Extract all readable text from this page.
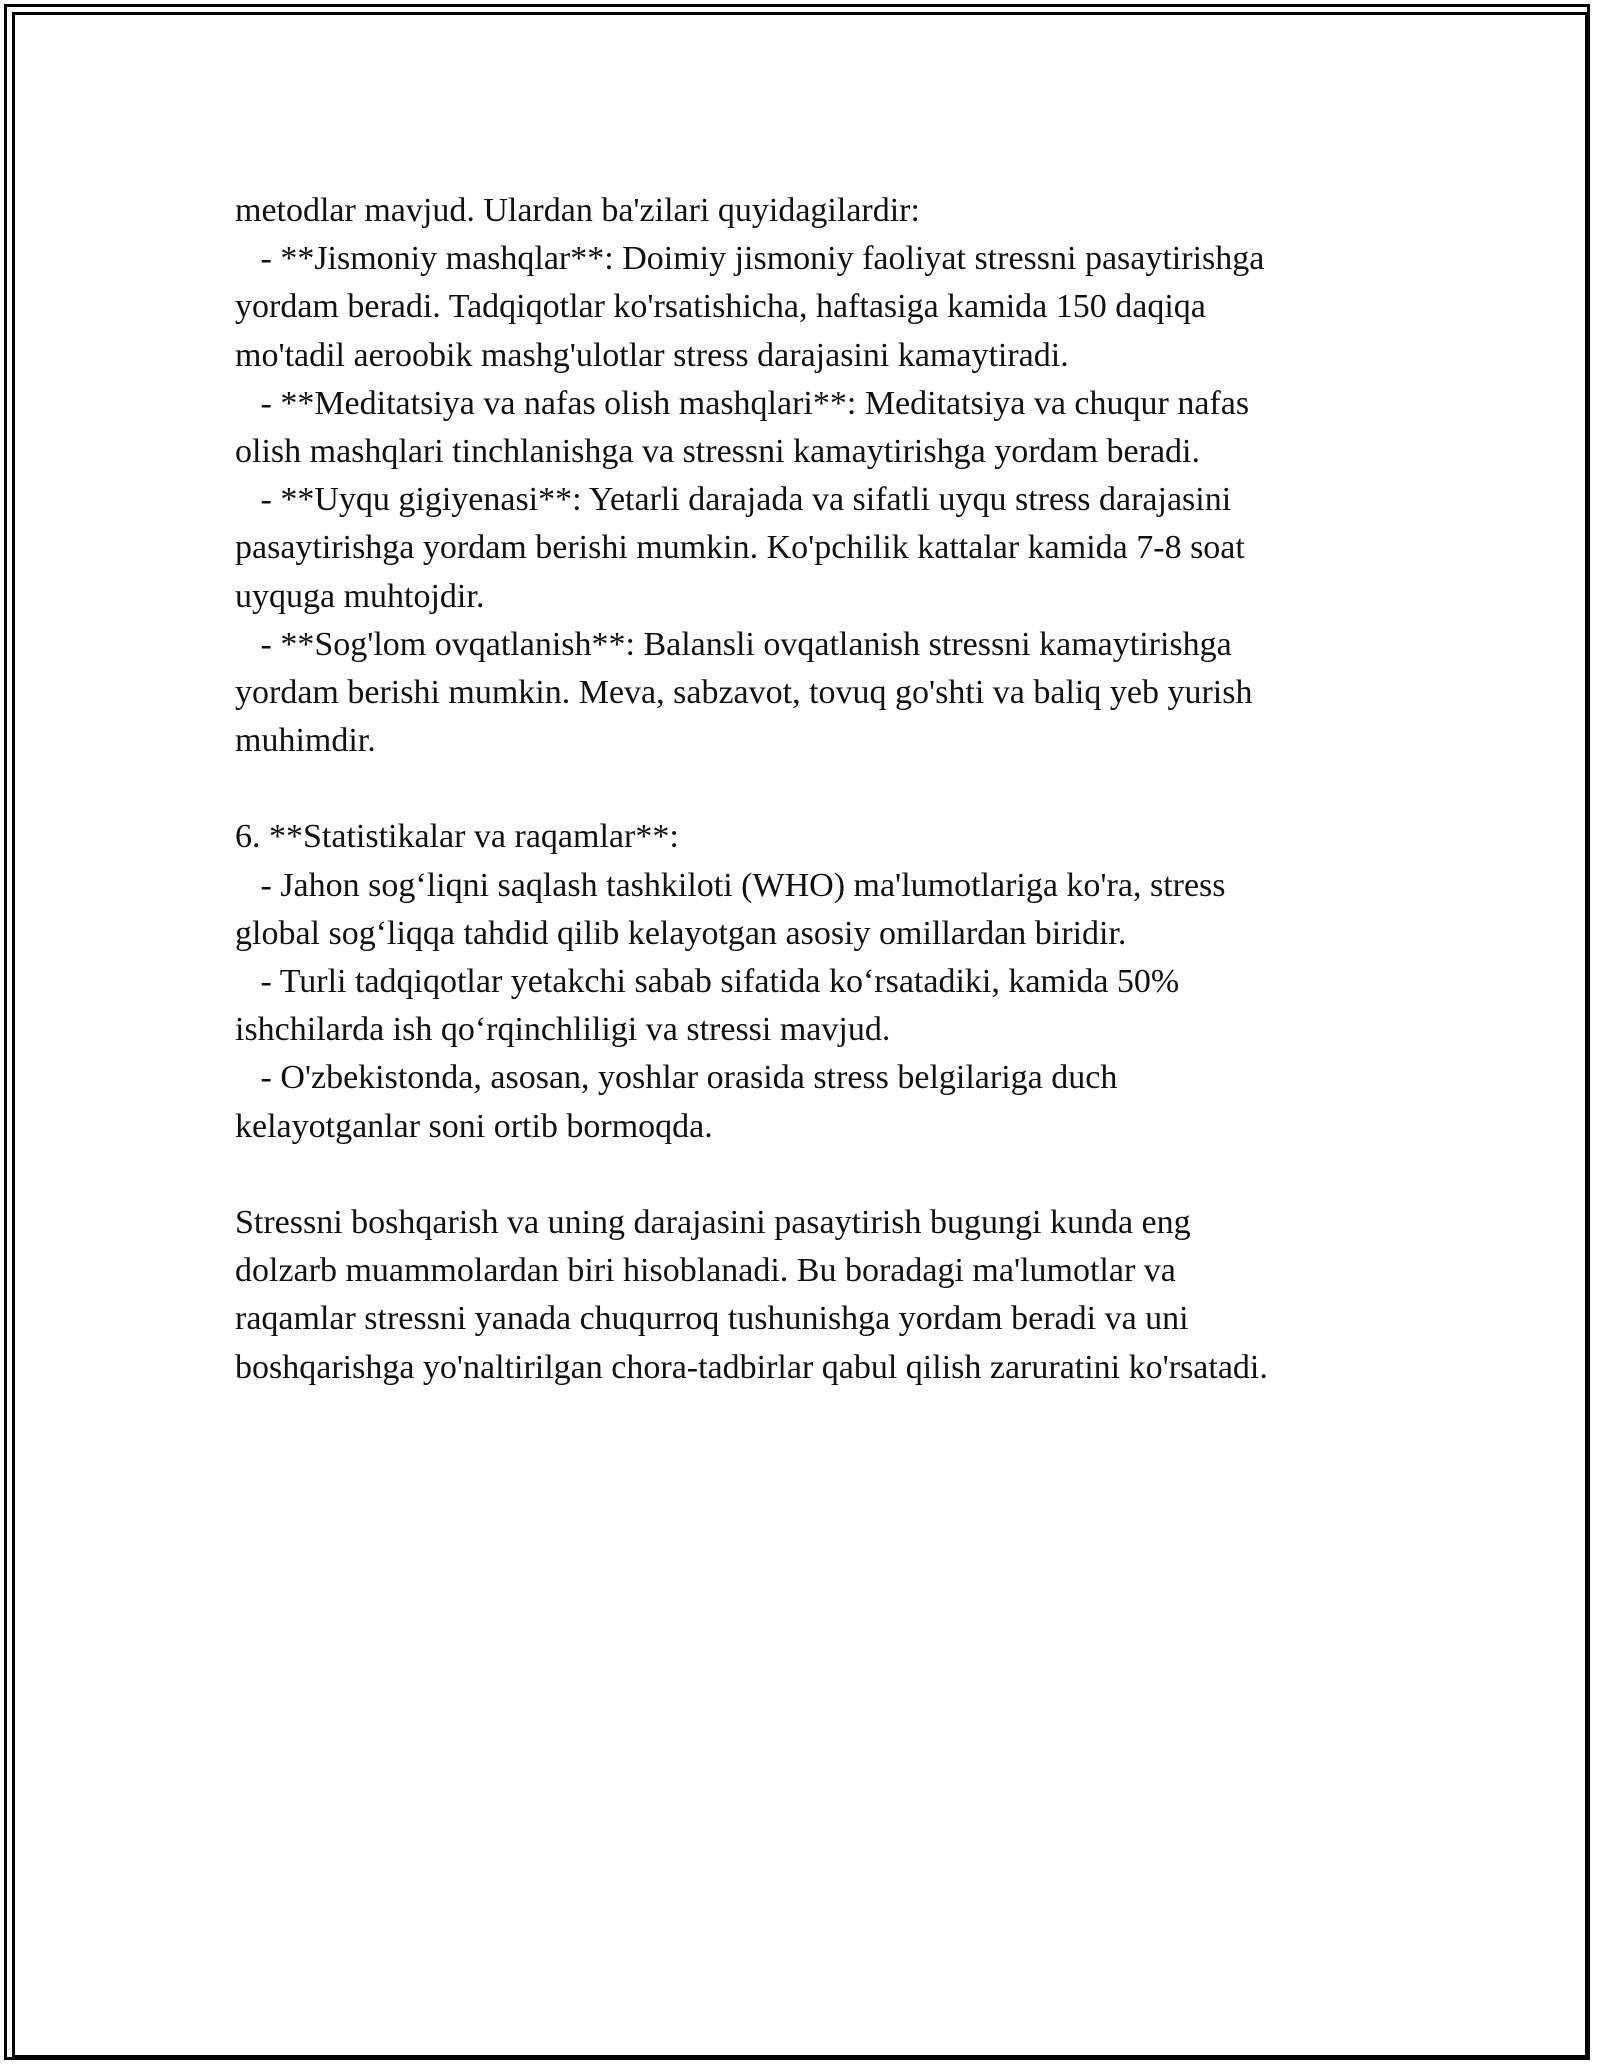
metodlar mavjud. Ulardan ba'zilari quyidagilardir:
- **Jismoniy mashqlar**: Doimiy jismoniy faoliyat stressni pasaytirishga
yordam beradi. Tadqiqotlar ko'rsatishicha, haftasiga kamida 150 daqiqa
mo'tadil aeroobik mashg'ulotlar stress darajasini kamaytiradi.
- **Meditatsiya va nafas olish mashqlari**: Meditatsiya va chuqur nafas
olish mashqlari tinchlanishga va stressni kamaytirishga yordam beradi.
- **Uyqu gigiyenasi**: Yetarli darajada va sifatli uyqu stress darajasini
pasaytirishga yordam berishi mumkin. Ko'pchilik kattalar kamida 7-8 soat
uyquga muhtojdir.
- **Sog'lom ovqatlanish**: Balansli ovqatlanish stressni kamaytirishga
yordam berishi mumkin. Meva, sabzavot, tovuq go'shti va baliq yeb yurish
muhimdir.
6. **Statistikalar va raqamlar**:
- Jahon sog‘liqni saqlash tashkiloti (WHO) ma'lumotlariga ko'ra, stress
global sog‘liqqa tahdid qilib kelayotgan asosiy omillardan biridir.
- Turli tadqiqotlar yetakchi sabab sifatida ko‘rsatadiki, kamida 50%
ishchilarda ish qo‘rqinchliligi va stressi mavjud.
- O'zbekistonda, asosan, yoshlar orasida stress belgilariga duch
kelayotganlar soni ortib bormoqda.
Stressni boshqarish va uning darajasini pasaytirish bugungi kunda eng
dolzarb muammolardan biri hisoblanadi. Bu boradagi ma'lumotlar va
raqamlar stressni yanada chuqurroq tushunishga yordam beradi va uni
boshqarishga yo'naltirilgan chora-tadbirlar qabul qilish zaruratini ko'rsatadi.
